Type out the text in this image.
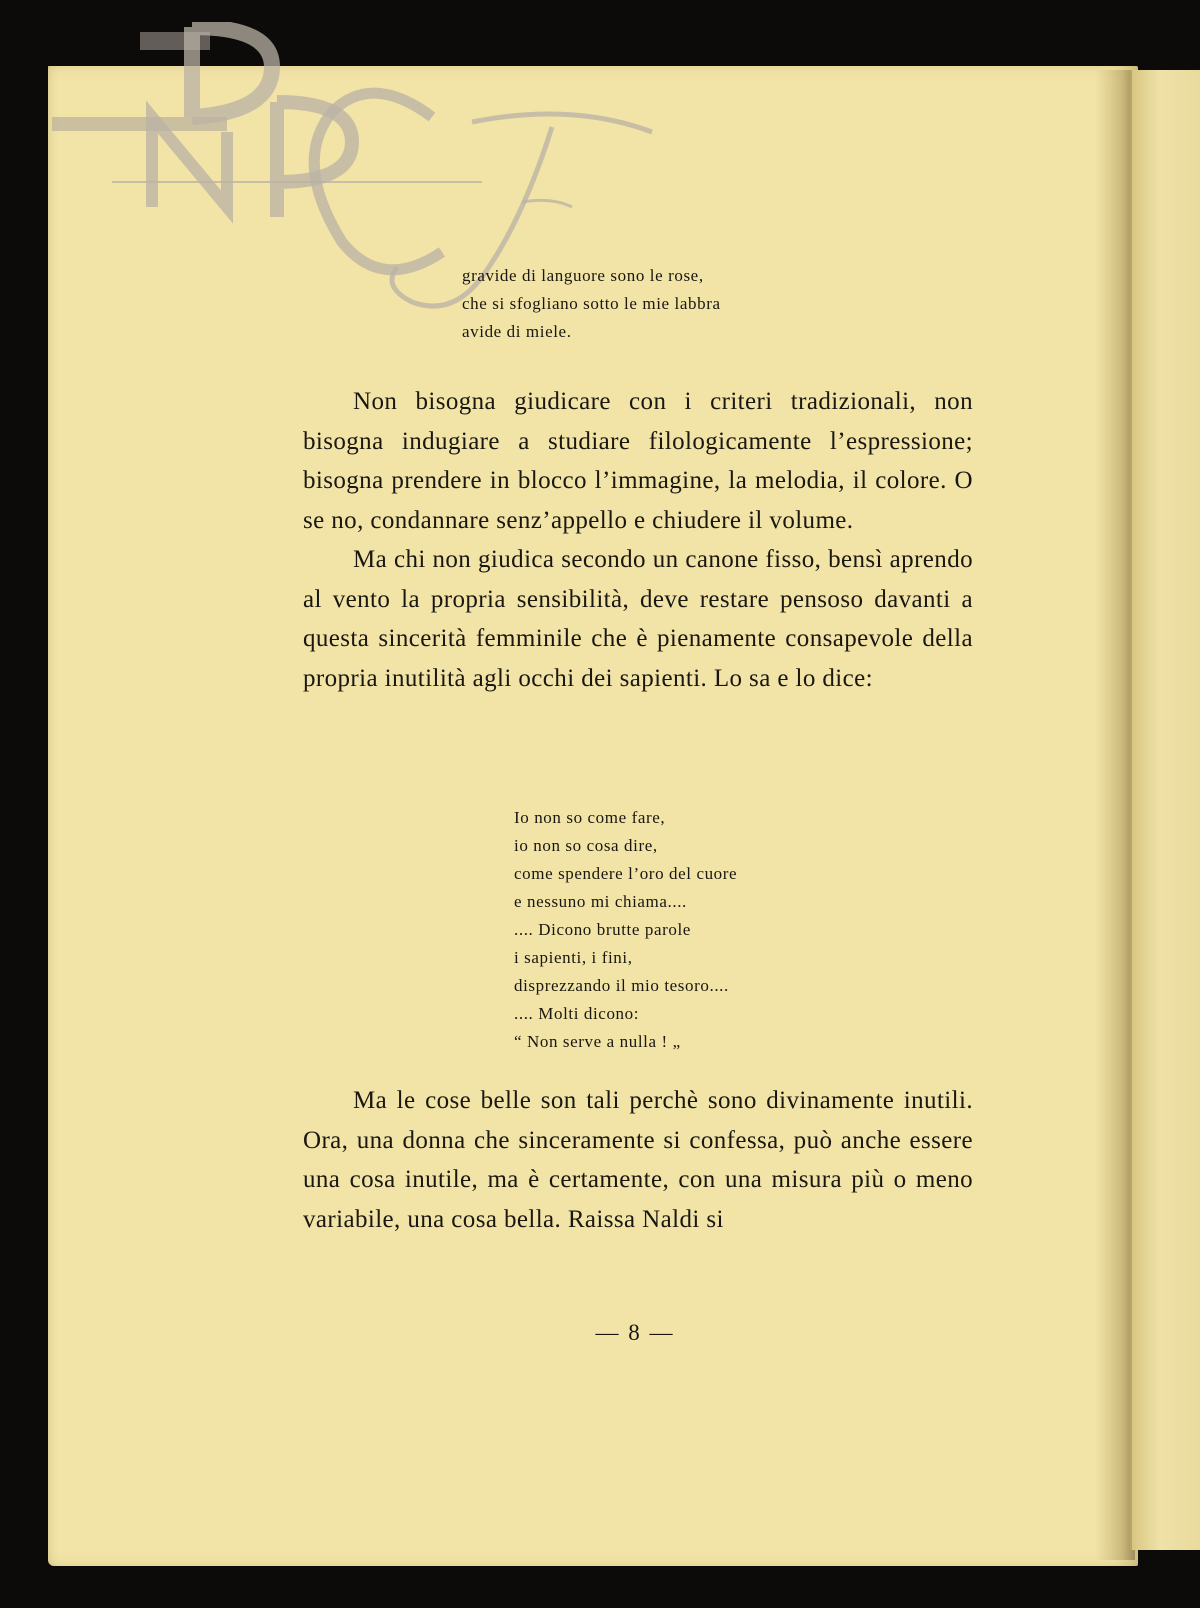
gravide di languore sono le rose,
che si sfogliano sotto le mie labbra
avide di miele.

Non bisogna giudicare con i criteri tradizionali, non bisogna indugiare a studiare filologicamente l’espressione; bisogna prendere in blocco l’immagine, la melodia, il colore. O se no, condannare senz’appello e chiudere il volume.

Ma chi non giudica secondo un canone fisso, bensì aprendo al vento la propria sensibilità, deve restare pensoso davanti a questa sincerità femminile che è pienamente consapevole della propria inutilità agli occhi dei sapienti. Lo sa e lo dice:

Io non so come fare,
io non so cosa dire,
come spendere l’oro del cuore
e nessuno mi chiama....
.... Dicono brutte parole
i sapienti, i fini,
disprezzando il mio tesoro....
.... Molti dicono:
“ Non serve a nulla ! „

Ma le cose belle son tali perchè sono divinamente inutili. Ora, una donna che sinceramente si confessa, può anche essere una cosa inutile, ma è certamente, con una misura più o meno variabile, una cosa bella. Raissa Naldi si

— 8 —
